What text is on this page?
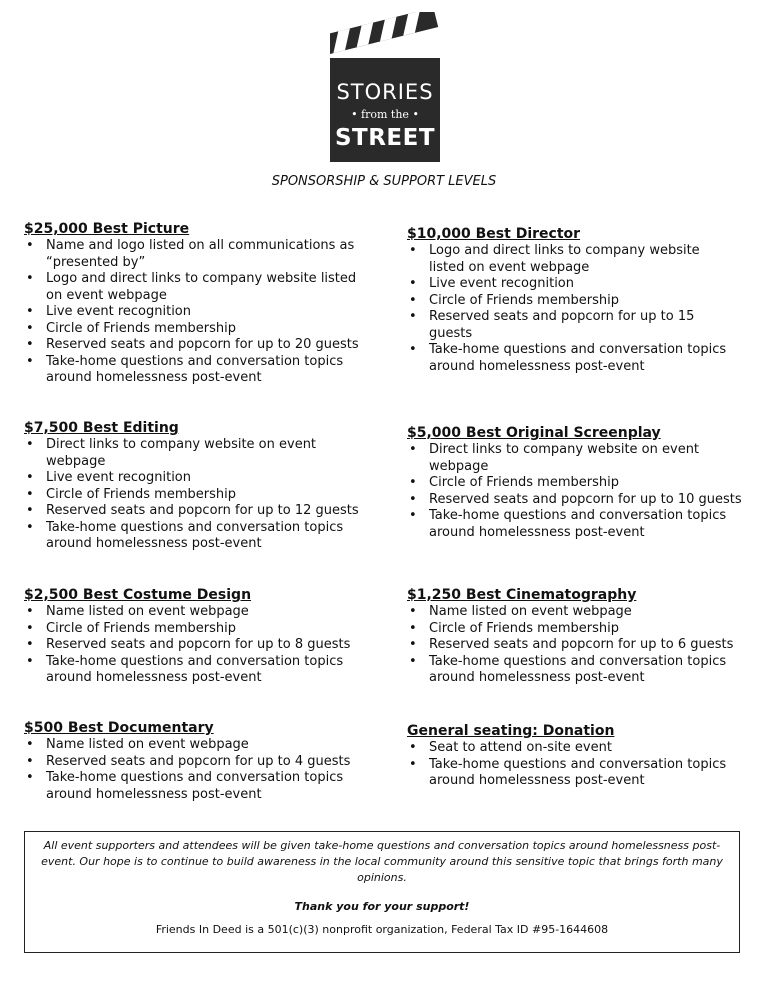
STORIES
• from the •
STREET
SPONSORSHIP & SUPPORT LEVELS
$25,000 Best Picture
• Name and logo listed on all communications as “presented by”
• Logo and direct links to company website listed on event webpage
• Live event recognition
• Circle of Friends membership
• Reserved seats and popcorn for up to 20 guests
• Take-home questions and conversation topics around homelessness post-event
$10,000 Best Director
• Logo and direct links to company website listed on event webpage
• Live event recognition
• Circle of Friends membership
• Reserved seats and popcorn for up to 15 guests
• Take-home questions and conversation topics around homelessness post-event
$7,500 Best Editing
• Direct links to company website on event webpage
• Live event recognition
• Circle of Friends membership
• Reserved seats and popcorn for up to 12 guests
• Take-home questions and conversation topics around homelessness post-event
$5,000 Best Original Screenplay
• Direct links to company website on event webpage
• Circle of Friends membership
• Reserved seats and popcorn for up to 10 guests
• Take-home questions and conversation topics around homelessness post-event
$2,500 Best Costume Design
• Name listed on event webpage
• Circle of Friends membership
• Reserved seats and popcorn for up to 8 guests
• Take-home questions and conversation topics around homelessness post-event
$1,250 Best Cinematography
• Name listed on event webpage
• Circle of Friends membership
• Reserved seats and popcorn for up to 6 guests
• Take-home questions and conversation topics around homelessness post-event
$500 Best Documentary
• Name listed on event webpage
• Reserved seats and popcorn for up to 4 guests
• Take-home questions and conversation topics around homelessness post-event
General seating: Donation
• Seat to attend on-site event
• Take-home questions and conversation topics around homelessness post-event

All event supporters and attendees will be given take-home questions and conversation topics around homelessness post-event. Our hope is to continue to build awareness in the local community around this sensitive topic that brings forth many opinions.

Thank you for your support!

Friends In Deed is a 501(c)(3) nonprofit organization, Federal Tax ID #95-1644608
